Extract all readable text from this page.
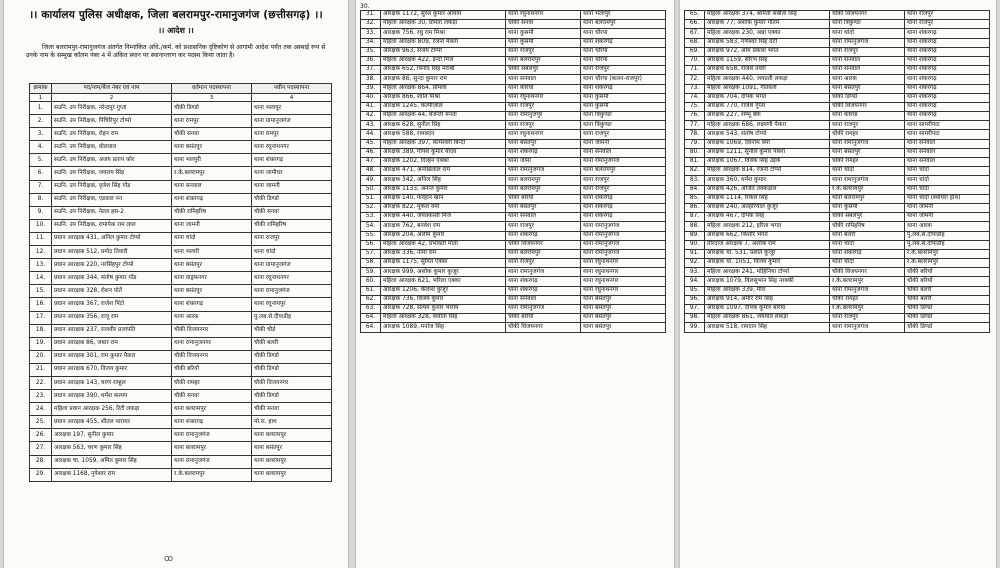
।। कार्यालय पुलिस अधीक्षक, जिला बलरामपुर-रामानुजगंज (छत्तीसगढ़) ।।
।। आदेश ।।
जिला बलरामपुर-रामानुजगंज अंतर्गत निम्नांकित अधि./कर्म. को प्रशासनिक दृष्टिकोण से आगामी आदेश पर्यंत तक अस्थाई रूप से उनके नाम के सम्मुख कॉलम नंबर 4 में अंकित स्थान पर स्थानान्तरण कर पदस्थ किया जाता है।
क्रमांक	पद/नाम/बैज नंबर एवं नाम	वर्तमान पदस्थापना	नवीन पदस्थापना
1	2	3	4
1.	सउनि. उप निरीक्षक, नरेन्द्रपुर गुप्ता	चौकी डिण्डो	थाना भलापुर
2.	सउनि. उप निरीक्षक, पिंचिरिपुर टोप्पो	थाना रामपुर	थाना ग्रामानुजगंज
3.	सउनि. उप निरीक्षक, रोहन राम	चौकी सनवा	थाना रामपुर
4.	सउनि. उप निरीक्षक, धोलवाल	थाना बसंतपुर	थाना रघुनाथनगर
5.	सउनि. उप निरीक्षक, अजय प्रताप कोर	थाना भलपुरी	थाना शंकरगढ़
6.	सउनि. उप निरीक्षक, जयराम सिंह	र.के.बलरामपुर	थाना जामीधर
7.	सउनि. उप निरीक्षक, वृजेश सिंह गोंड	थाना सनवाल	थाना जामनी
8.	सउनि. उप निरीक्षक, एडवाल नन	थाना शंकरगढ़	चौकी डिण्डो
9.	सउनि. उप निरीक्षक, नेल्ता हस-2	चौकी रामिहरिष	चौकी सनवा
10.	सउनि. उप निरीक्षक, रामायेक राम लाल	थाना जामनी	चौकी रामिहरिष
11.	प्रधान आरक्षक 431, अनिल कुमार टोप्पो	थाना चांदो	थाना राजपुर
12.	प्रधान आरक्षक 512, प्रमोद तिवारी	थाना भलारी	थाना चांदो
13.	प्रधान आरक्षक 220, नरसिंहपुर टोप्पो	थाना बसंतपुर	थाना ग्रामानुजगंज
14.	प्रधान आरक्षक 344, संतोष कुमार गोंड	थाना वाड्रफनगर	थाना रघुनाथनगर
15.	प्रधान आरक्षक 328, रोशन पोर्ते	थाना बसंतपुर	थाना रामानुजगंज
16.	प्रधान आरक्षक 367, राजेश पिंटो	थाना शंकरगढ़	थाना रघुनाथपुर
17.	प्रधान आरक्षक 356, राजू राम	थाना आरक	पु.लब.से.दीपाडीह
18.	प्रधान आरक्षक 237, राजवीर प्रजापति	चौकी विजयनगर	चौकी चौर्ड
19.	प्रधान आरक्षक 86, जबार राम	थाना रामानुजनगर	चौकी बलरी
20.	प्रधान आरक्षक 301, राम कुमार पैकरा	चौकी विजयनगर	चौकी डिण्डो
21.	प्रधान आरक्षक 670, विजय कुमार	चौकी बरियों	चौकी डिण्डो
22.	प्रधान आरक्षक 143, चरण राम्हूल	चौकी रामहर	चौकी विजयनगर
23.	प्रधान आरक्षक 390, धर्मेश कश्यप	चौकी सनवा	चौकी डिण्डो
24.	महिला प्रधान आरक्षक 256, रिटी लकड़ा	थाना बलरामपुर	चौकी सनवा
25.	प्रधान आरक्षक 455, शीतल पाराधर	थाना शंकरगढ़	मो.रा. हाथ
26.	आरक्षक 197, सुनील कुमार	थाना रामानुजगंज	थाना बलरामपुर
27.	आरक्षक 563, चरण कुमार सिंह	थाना बलरामपुर	थाना बसंतपुर
28.	आरक्षक चा. 1059, अमित कुमार सिंह	थाना रामानुजगंज	थाना बलरामपुर
29.	आरक्षक 1168, नुपेश्वर राम	र.के.बलरामपुर	थाना बलरामपुर
ꝏ
30.
31.	आरक्षक 1172, सुरेश कुमार आयाम	थाना रघुनाथनगर	थाना भलापुर
32.	महिला आरक्षक 30, प्रमिता लकड़ा	चौकी सनवा	थाना बलरामपुर
33.	आरक्षक 756, रघु राम मिश्रा	थाना कुसमी	थाना चौरपा
34.	महिला आरक्षक 809, रंजना मैकरा	थाना कुसमी	थाना शंकरगढ़
35.	आरक्षक 963, संजय टोप्पो	थाना राजपुर	थाना चौरपा
36.	महिला आरक्षक 422, इन्दो मिंज	थाना बलरामपुर	थाना चौरपा
37.	आरक्षक 652, विनोद सिंह मराबी	चौकी सबलपुर	थाना राजपुर
38.	आरक्षक 86, सुन्दा कुमार राम	थाना सनवाल	थाना चौरपा (कलन-राजपुर)
39.	महिला आरक्षक 864, प्रमिला	थाना कोरंधा	थाना शंकरगढ़
40.	आरक्षक 866, शांति मिश्रा	थाना रघुनाथनगर	थाना कुसमी
41.	आरक्षक 1245, कल्पीज़ाल	थाना राजपुर	थाना कुसमी
42.	महिला आरक्षक 44, बैजन्ती मनता	थाना रामानुजपुर	थाना त्रिकुण्डा
43.	आरक्षक 628, सुनील सिंह	थाना राजपुर	थाना त्रिकुण्डा
44.	आरक्षक 588, रामबदन	थाना रघुनाथनगर	थाना राजपुर
45.	महिला आरक्षक 397, कामेश्वरी बिन्दो	थाना बसंतपुर	थाना जामनी
46.	आरक्षक 389, गोपेश कुमार यादव	थाना शंकरगढ़	थाना सनवाल
47.	आरक्षक 1202, दिल्हन एक्का	थाना जामा	थाना रामानुजगंज
48.	आरक्षक 471, अनोखेलाल राम	थाना रामानुजगंज	थाना बलरामपुर
49.	आरक्षक 342, अनिल सिंह	थाना बलरामपुर	थाना राजपुर
50.	आरक्षक 1133, अनन्त कुमार	थाना बलरामपुर	थाना राजपुर
51.	आरक्षक 140, फरहान खान	चौकी बरियों	थाना शंकरगढ़
52.	आरक्षक 822, मुकेश वर्मा	थाना बसंतपुर	थाना शंकरगढ़
53.	आरक्षक 440, जयप्रकाशी मिंज	थाना सनवाल	थाना शंकरगढ़
54.	आरक्षक 762, बनवेश राम	थाना राजपुर	थाना रामानुजगंज
55.	आरक्षक 204, अलीम कुमार	थाना शंकरगढ़	थाना रामानुजगंज
56.	महिला आरक्षक 42, प्रभावती मांता	चौकी विजयनगर	थाना रामानुजगंज
57.	आरक्षक 336, नामा राम	थाना बलरामपुर	थाना रामानुजगंज
58.	आरक्षक 1175, सुमित एक्का	थाना राजपुर	थाना रघुनाथनगर
59.	आरक्षक 999, अशोक कुमार कुजूर	थाना रामानुजगंज	थाना रघुनाथनगर
60.	महिला आरक्षक 621, भरिला एक्का	थाना शंकरगढ़	थाना रघुनाथनगर
61.	आरक्षक 1206, कैलाश कुजूर	थाना शंकरगढ़	थाना रघुनाथनगर
62.	आरक्षक 736, विजय कुमार	थाना सनवाल	थाना बसंतपुर
63.	आरक्षक 728, सत्यम कुमार भाराम	थाना रामानुजगंज	थाना बसंतपुर
64.	महिला आरक्षक 328, कवीता सिंह	चौकी बरियों	थाना बसंतपुर
64.	आरक्षक 1089, मनोज सिंह	चौकी विजयनगर	थाना बसंतपुर
65.	महिला आरक्षक 374, श्रीमती सबीता सिंह	चौकी विजयनगर	थाना राजपुर
66.	आरक्षक 77, अशोक कुमार गौतम	थाना त्रिकुण्डा	थाना राजपुर
67.	महिला आरक्षक 230, अन्ना एक्का	थाना चांदो	थाना शंकरगढ़
68.	आरक्षक 583, गणेश्वर सिंह ठेटी	थाना रामानुजगंज	थाना शंकरगढ़
69.	आरक्षक 972, ओम प्रकाश भगत	थाना राजपुर	थाना शंकरगढ़
70.	आरक्षक 1159, सौरभ सिंह	थाना सनवाल	थाना शंकरगढ़
71.	आरक्षक 658, राजेश तवरा	थाना सनवाल	थाना शंकरगढ़
72.	महिला आरक्षक 440, जयप्रती लकड़ा	थाना आरक	थाना शंकरगढ़
73.	महिला आरक्षक 1091, गीतवती	थाना बसंतपुर	थाना शंकरगढ़
74.	आरक्षक 704, दीपक भगत	चौकी डिण्डो	थाना शंकरगढ़
75.	आरक्षक 770, राजेश गुप्ता	चौकी विजयनगर	थाना शंकरगढ़
76.	आरक्षक 227, शम्भू बेक	थाना कोरंधा	थाना शंकरगढ़
77.	महिला आरक्षक 686, लक्ष्मणी पैकरा	थाना राजपुर	थाना सामरीपाट
78.	आरक्षक 543, संतोष टोप्पो	चौकी रामहर	थाना सामरीपाट
79.	आरक्षक 1069, देवनाथ वर्मा	थाना रामानुजगंज	थाना सनवाल
80.	आरक्षक 1211, सुनील कुमार पैकरा	थाना बसंतपुर	थाना सनवाल
81.	आरक्षक 1067, विवेक सिंह उईके	चौकी रामहर	थाना सनवाल
82.	महिला आरक्षक 814, रजनी टोप्पो	थाना चांदो	थाना चांदो
83.	आरक्षक 360, धर्मेश कुमार	थाना रामानुजगंज	थाना चांदो
84.	आरक्षक 426, अजित तवकड़ाल	र.के.बलरामपुर	थाना चांदो
85.	आरक्षक 1114, रिकेश सिंह	थाना बलरामपुर	थाना चांदो (स्थायरा हाथ)
86.	आरक्षक 240, अतहरियाल कुजूर	थाना कुसमी	थाना जामनी
87.	आरक्षक 467, दीपक सिंह	चौकी सबलपुर	थाना जामनी
88.	महिला आरक्षक 212, हरिता भगत	चौकी रामिहरिष	थाना आरक
89.	आरक्षक 662, किशोर भगत	थाना बलरी	पु.लब.से.दीपाडीह
90.	तीरंदाज आरक्षक 7, अशोक राम	थाना चांदो	पु.लब.से.दीपाडीह
91.	आरक्षक चा. 531, प्रशांत कुजूर	थाना शंकरगढ़	र.के.बलरामपुर
92.	आरक्षक चा. 1051, विजय कुमार	थाना चांदो	र.के.बलरामपुर
93.	महिला आरक्षक 241, मोहिनिया टोप्पो	चौकी विजयनगर	चौकी बरियों
94.	आरक्षक 1079, विलसुभान सिंह नरक्की	र.के.बलरामपुर	चौकी बरियों
95.	महिला आरक्षक 339, मीरा	थाना रामानुजगंज	चौकी बलरी
96.	आरक्षक 914, अमीर राम सिंह	चौकी रामहर	चौकी बलरी
97.	आरक्षक 1097, दीपक कुमार बरिया	र.के.बलरामपुर	चौकी डिण्डो
98.	महिला आरक्षक 861, जयमति लकड़ा	थाना राजपुर	चौकी डिण्डो
99.	आरक्षक 518, रामदान सिंह	थाना रामानुजगंज	चौकी डिण्डो
